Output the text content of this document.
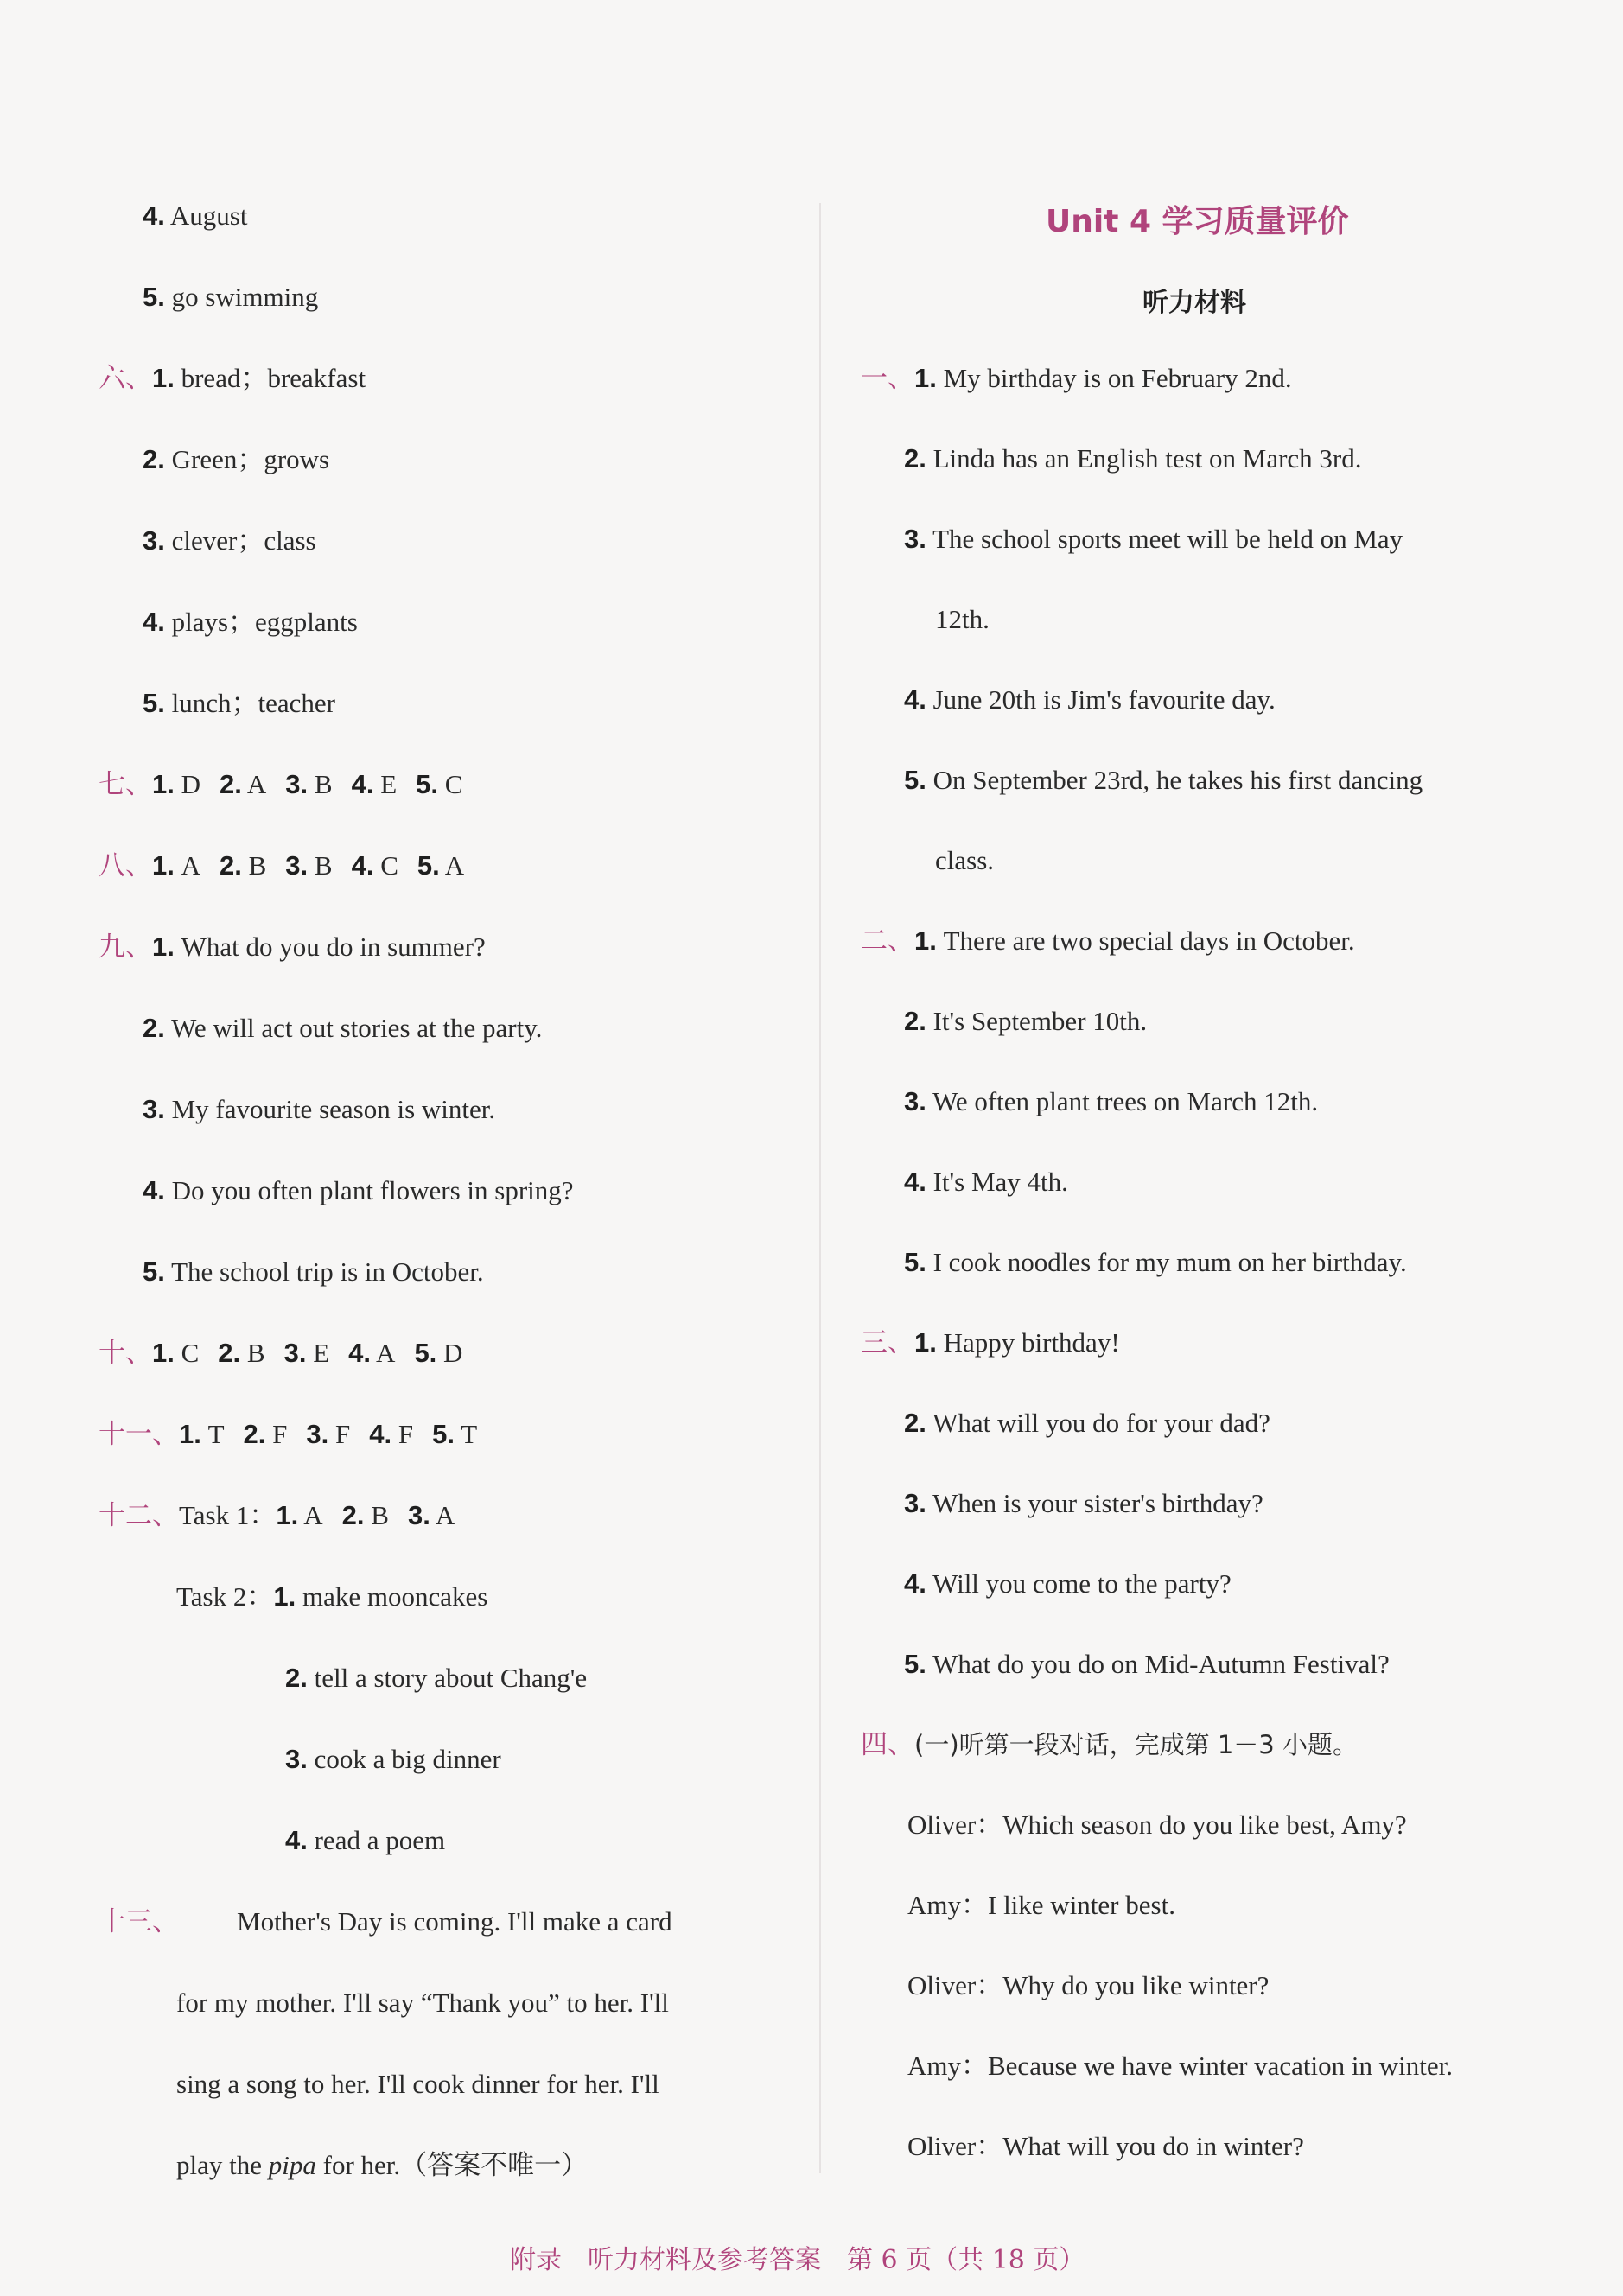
4. August
5. go swimming
六、1. bread；breakfast
2. Green；grows
3. clever；class
4. plays；eggplants
5. lunch；teacher
七、1. D 2. A 3. B 4. E 5. C
八、1. A 2. B 3. B 4. C 5. A
九、1. What do you do in summer?
2. We will act out stories at the party.
3. My favourite season is winter.
4. Do you often plant flowers in spring?
5. The school trip is in October.
十、1. C 2. B 3. E 4. A 5. D
十一、1. T 2. F 3. F 4. F 5. T
十二、Task 1：1. A 2. B 3. A
Task 2：1. make mooncakes
2. tell a story about Chang'e
3. cook a big dinner
4. read a poem
十三、 Mother's Day is coming. I'll make a card
for my mother. I'll say “Thank you” to her. I'll
sing a song to her. I'll cook dinner for her. I'll
play the pipa for her.（答案不唯一）
Unit 4 学习质量评价
听力材料
一、1. My birthday is on February 2nd.
2. Linda has an English test on March 3rd.
3. The school sports meet will be held on May
12th.
4. June 20th is Jim's favourite day.
5. On September 23rd, he takes his first dancing
class.
二、1. There are two special days in October.
2. It's September 10th.
3. We often plant trees on March 12th.
4. It's May 4th.
5. I cook noodles for my mum on her birthday.
三、1. Happy birthday!
2. What will you do for your dad?
3. When is your sister's birthday?
4. Will you come to the party?
5. What do you do on Mid-Autumn Festival?
四、(一)听第一段对话，完成第 1－3 小题。
Oliver：Which season do you like best, Amy?
Amy：I like winter best.
Oliver：Why do you like winter?
Amy：Because we have winter vacation in winter.
Oliver：What will you do in winter?
附录　听力材料及参考答案　第 6 页（共 18 页）
